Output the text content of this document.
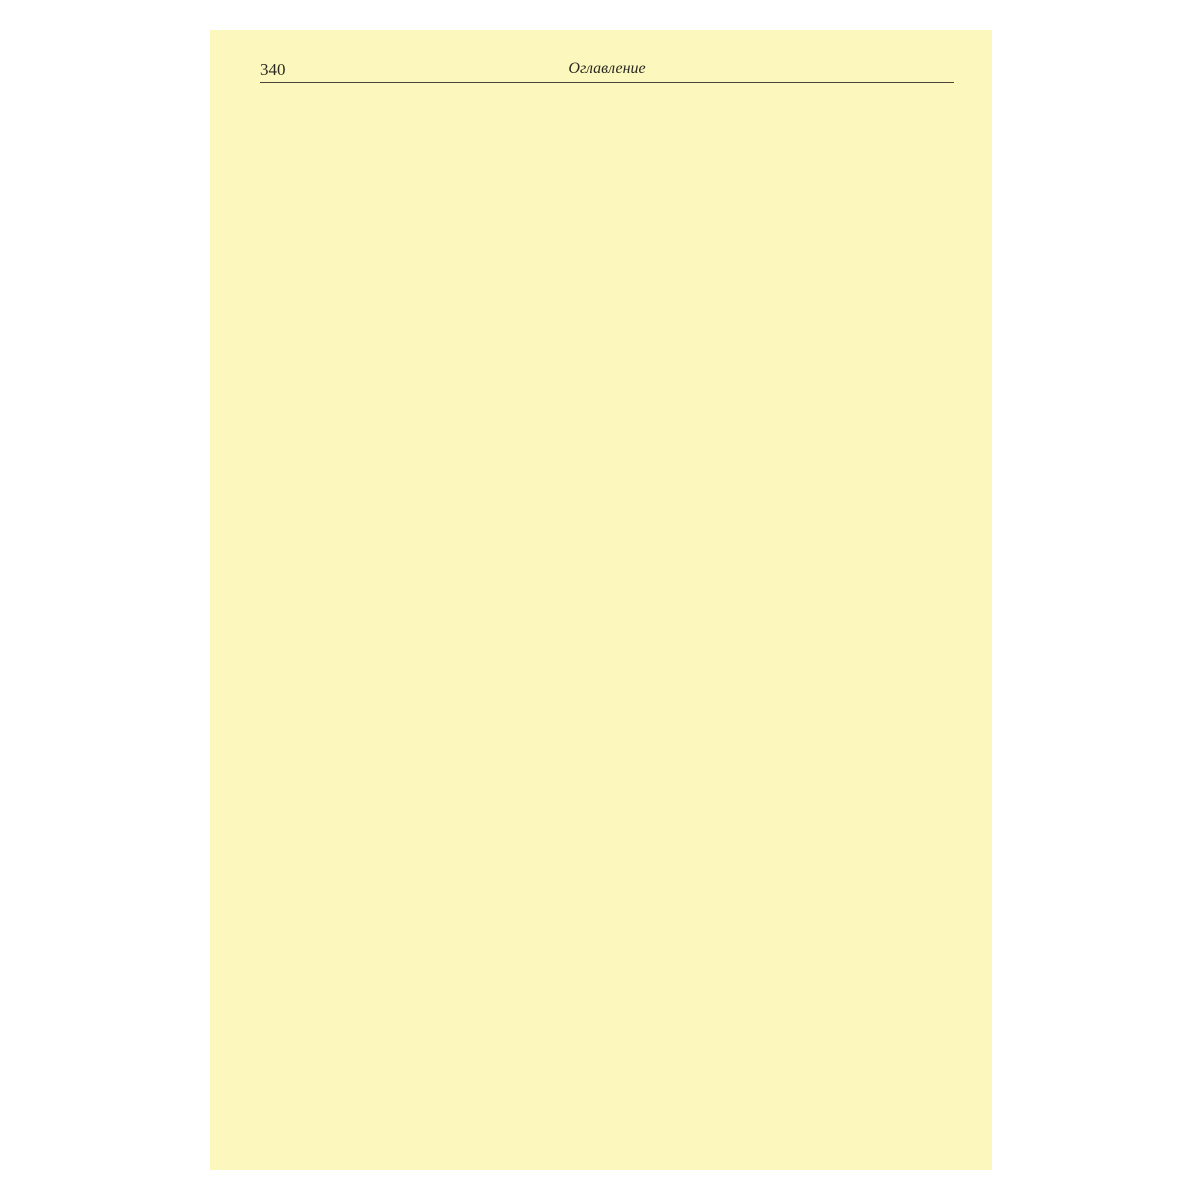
340	Оглавление
